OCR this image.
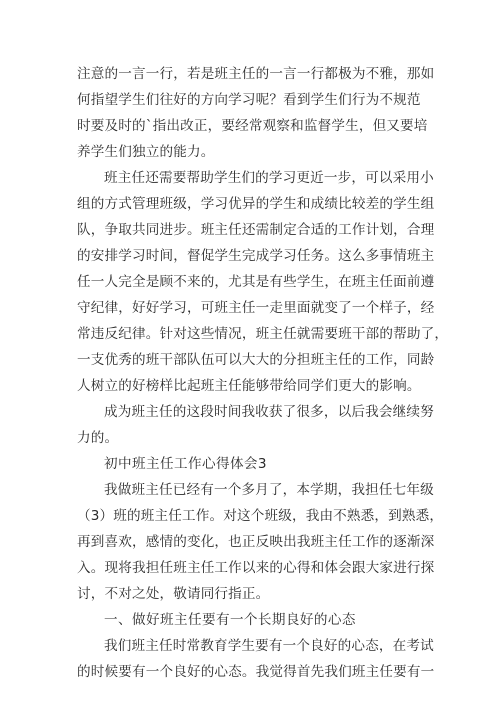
注意的一言一行，若是班主任的一言一行都极为不雅，那如
何指望学生们往好的方向学习呢？看到学生们行为不规范
时要及时的`指出改正，要经常观察和监督学生，但又要培
养学生们独立的能力。
班主任还需要帮助学生们的学习更近一步，可以采用小
组的方式管理班级，学习优异的学生和成绩比较差的学生组
队，争取共同进步。班主任还需制定合适的工作计划，合理
的安排学习时间，督促学生完成学习任务。这么多事情班主
任一人完全是顾不来的，尤其是有些学生，在班主任面前遵
守纪律，好好学习，可班主任一走里面就变了一个样子，经
常违反纪律。针对这些情况，班主任就需要班干部的帮助了，
一支优秀的班干部队伍可以大大的分担班主任的工作，同龄
人树立的好榜样比起班主任能够带给同学们更大的影响。
成为班主任的这段时间我收获了很多，以后我会继续努
力的。
初中班主任工作心得体会3
我做班主任已经有一个多月了，本学期，我担任七年级
（3）班的班主任工作。对这个班级，我由不熟悉，到熟悉，
再到喜欢，感情的变化，也正反映出我班主任工作的逐渐深
入。现将我担任班主任工作以来的心得和体会跟大家进行探
讨，不对之处，敬请同行指正。
一、做好班主任要有一个长期良好的心态
我们班主任时常教育学生要有一个良好的心态，在考试
的时候要有一个良好的心态。我觉得首先我们班主任要有一
